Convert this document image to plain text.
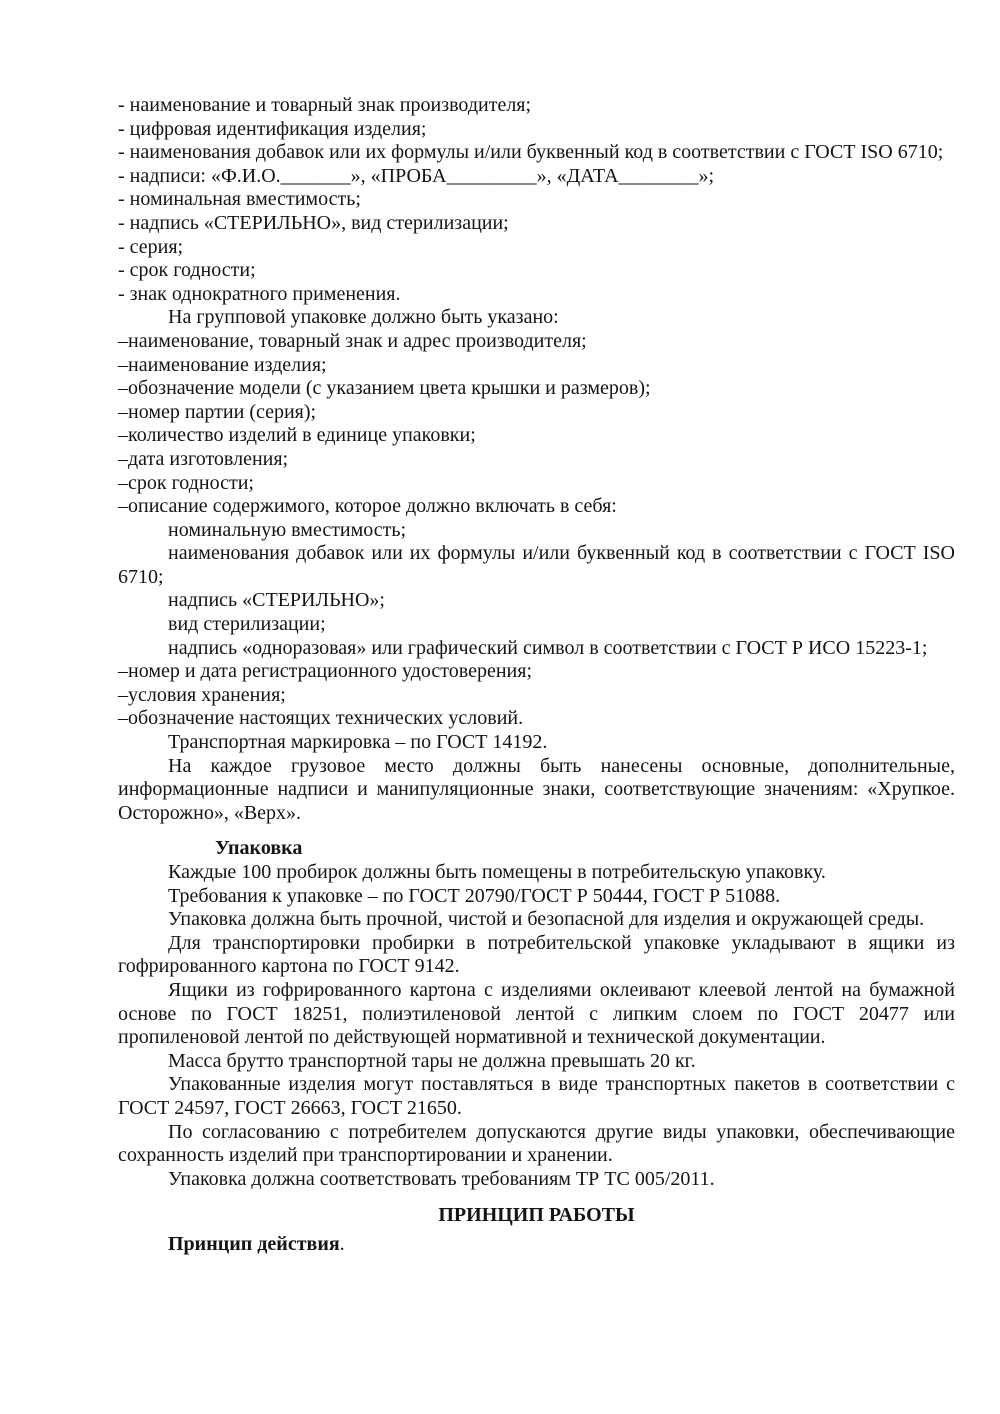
- наименование и товарный знак производителя;

- цифровая идентификация изделия;

- наименования добавок или их формулы и/или буквенный код в соответствии с ГОСТ ISO 6710;

- надписи: «Ф.И.О._______», «ПРОБА_________», «ДАТА________»;

- номинальная вместимость;

- надпись «СТЕРИЛЬНО», вид стерилизации;

- серия;

- срок годности;

- знак однократного применения.

На групповой упаковке должно быть указано:

–наименование, товарный знак и адрес производителя;

–наименование изделия;

–обозначение модели (с указанием цвета крышки и размеров);

–номер партии (серия);

–количество изделий в единице упаковки;

–дата изготовления;

–срок годности;

–описание содержимого, которое должно включать в себя:

номинальную вместимость;

наименования добавок или их формулы и/или буквенный код в соответствии с ГОСТ ISO 6710;

надпись «СТЕРИЛЬНО»;

вид стерилизации;

надпись «одноразовая» или графический символ в соответствии с ГОСТ Р ИСО 15223-1;

–номер и дата регистрационного удостоверения;

–условия хранения;

–обозначение настоящих технических условий.

Транспортная маркировка – по ГОСТ 14192.

На каждое грузовое место должны быть нанесены основные, дополнительные, информационные надписи и манипуляционные знаки, соответствующие значениям: «Хрупкое. Осторожно», «Верх».

Упаковка

Каждые 100 пробирок должны быть помещены в потребительскую упаковку.

Требования к упаковке – по ГОСТ 20790/ГОСТ Р 50444, ГОСТ Р 51088.

Упаковка должна быть прочной, чистой и безопасной для изделия и окружающей среды.

Для транспортировки пробирки в потребительской упаковке укладывают в ящики из гофрированного картона по ГОСТ 9142.

Ящики из гофрированного картона с изделиями оклеивают клеевой лентой на бумажной основе по ГОСТ 18251, полиэтиленовой лентой с липким слоем по ГОСТ 20477 или пропиленовой лентой по действующей нормативной и технической документации.

Масса брутто транспортной тары не должна превышать 20 кг.

Упакованные изделия могут поставляться в виде транспортных пакетов в соответствии с ГОСТ 24597, ГОСТ 26663, ГОСТ 21650.

По согласованию с потребителем допускаются другие виды упаковки, обеспечивающие сохранность изделий при транспортировании и хранении.

Упаковка должна соответствовать требованиям ТР ТС 005/2011.

ПРИНЦИП РАБОТЫ

Принцип действия.
